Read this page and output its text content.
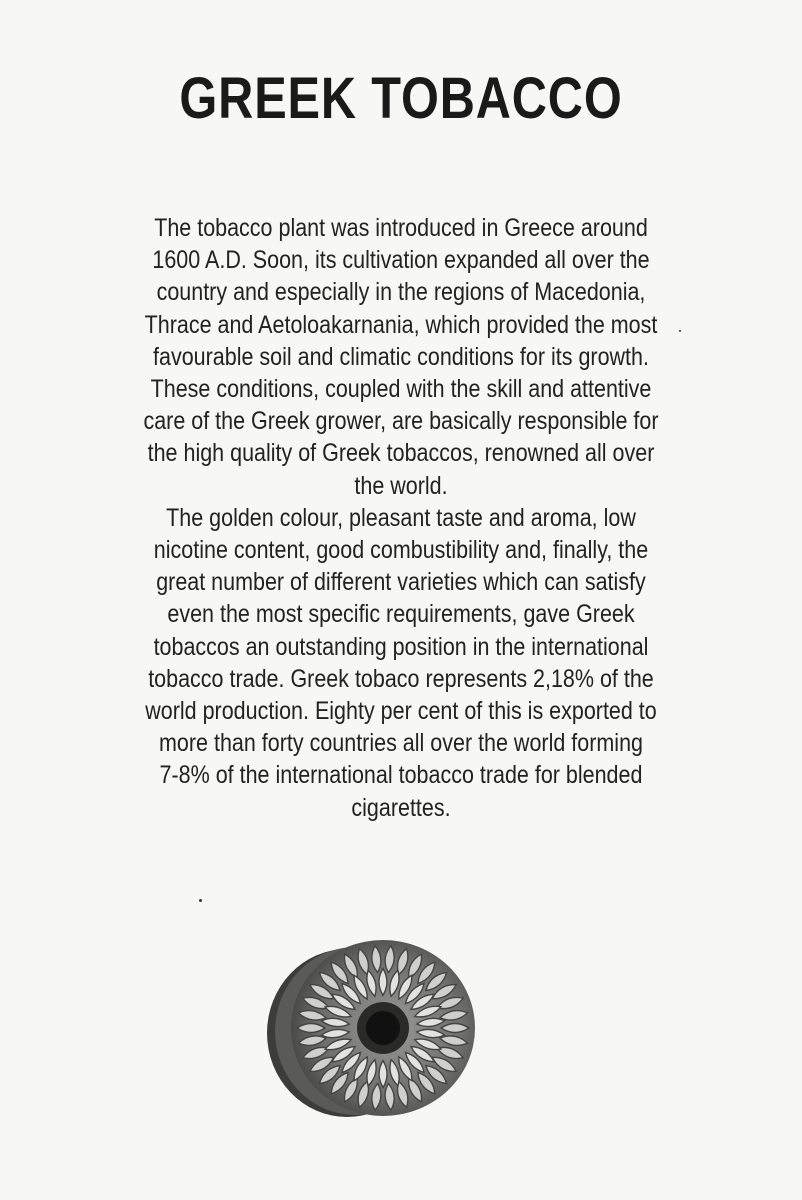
GREEK TOBACCO
The tobacco plant was introduced in Greece around
1600 A.D. Soon, its cultivation expanded all over the
country and especially in the regions of Macedonia,
Thrace and Aetoloakarnania, which provided the most
favourable soil and climatic conditions for its growth.
These conditions, coupled with the skill and attentive
care of the Greek grower, are basically responsible for
the high quality of Greek tobaccos, renowned all over
the world.
The golden colour, pleasant taste and aroma, low
nicotine content, good combustibility and, finally, the
great number of different varieties which can satisfy
even the most specific requirements, gave Greek
tobaccos an outstanding position in the international
tobacco trade. Greek tobaco represents 2,18% of the
world production. Eighty per cent of this is exported to
more than forty countries all over the world forming
7-8% of the international tobacco trade for blended
cigarettes.
